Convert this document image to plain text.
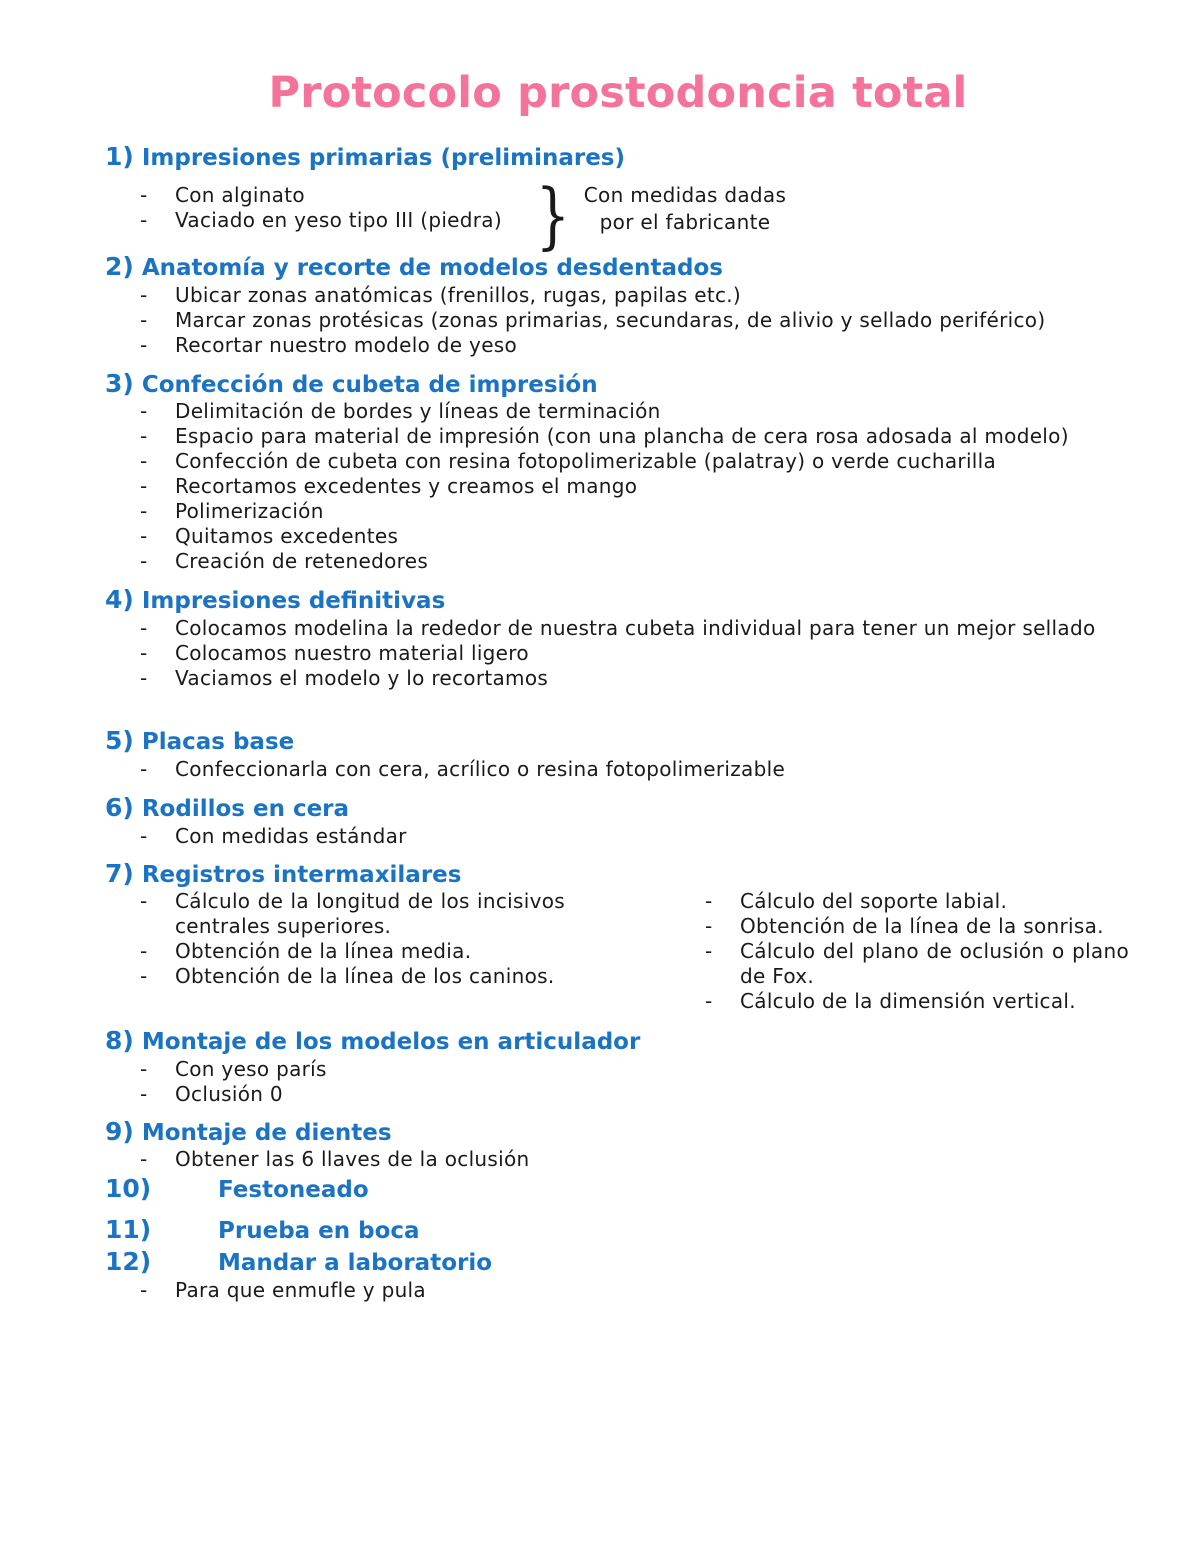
Protocolo prostodoncia total
1) Impresiones primarias (preliminares)
- Con alginato
- Vaciado en yeso tipo III (piedra) } Con medidas dadas
por el fabricante
2) Anatomía y recorte de modelos desdentados
- Ubicar zonas anatómicas (frenillos, rugas, papilas etc.)
- Marcar zonas protésicas (zonas primarias, secundaras, de alivio y sellado periférico)
- Recortar nuestro modelo de yeso
3) Confección de cubeta de impresión
- Delimitación de bordes y líneas de terminación
- Espacio para material de impresión (con una plancha de cera rosa adosada al modelo)
- Confección de cubeta con resina fotopolimerizable (palatray) o verde cucharilla
- Recortamos excedentes y creamos el mango
- Polimerización
- Quitamos excedentes
- Creación de retenedores
4) Impresiones definitivas
- Colocamos modelina la rededor de nuestra cubeta individual para tener un mejor sellado
- Colocamos nuestro material ligero
- Vaciamos el modelo y lo recortamos
5) Placas base
- Confeccionarla con cera, acrílico o resina fotopolimerizable
6) Rodillos en cera
- Con medidas estándar
7) Registros intermaxilares
- Cálculo de la longitud de los incisivos centrales superiores.
- Obtención de la línea media.
- Obtención de la línea de los caninos.
- Cálculo del soporte labial.
- Obtención de la línea de la sonrisa.
- Cálculo del plano de oclusión o plano de Fox.
- Cálculo de la dimensión vertical.
8) Montaje de los modelos en articulador
- Con yeso parís
- Oclusión 0
9) Montaje de dientes
- Obtener las 6 llaves de la oclusión
10)	Festoneado
11)	Prueba en boca
12)	Mandar a laboratorio
- Para que enmufle y pula
